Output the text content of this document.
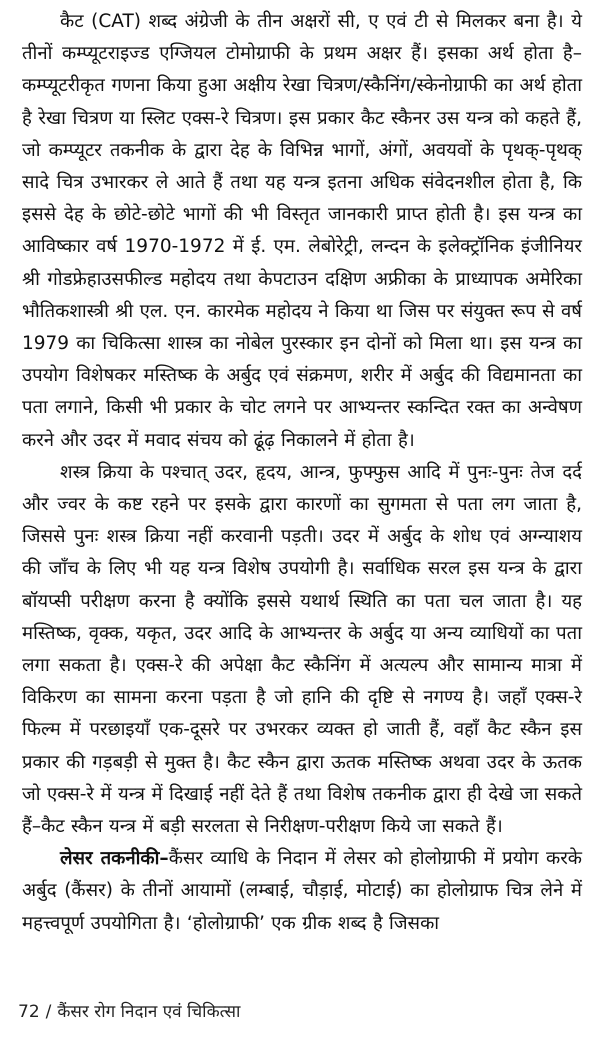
कैट (CAT) शब्द अंग्रेजी के तीन अक्षरों सी, ए एवं टी से मिलकर बना है। ये तीनों कम्प्यूटराइज्ड एग्जियल टोमोग्राफी के प्रथम अक्षर हैं। इसका अर्थ होता है–कम्प्यूटरीकृत गणना किया हुआ अक्षीय रेखा चित्रण/स्कैनिंग/स्केनोग्राफी का अर्थ होता है रेखा चित्रण या स्लिट एक्स-रे चित्रण। इस प्रकार कैट स्कैनर उस यन्त्र को कहते हैं, जो कम्प्यूटर तकनीक के द्वारा देह के विभिन्न भागों, अंगों, अवयवों के पृथक्-पृथक् सादे चित्र उभारकर ले आते हैं तथा यह यन्त्र इतना अधिक संवेदनशील होता है, कि इससे देह के छोटे-छोटे भागों की भी विस्तृत जानकारी प्राप्त होती है। इस यन्त्र का आविष्कार वर्ष 1970-1972 में ई. एम. लेबोरेट्री, लन्दन के इलेक्ट्रॉनिक इंजीनियर श्री गोडफ्रेहाउसफील्ड महोदय तथा केपटाउन दक्षिण अफ्रीका के प्राध्यापक अमेरिका भौतिकशास्त्री श्री एल. एन. कारमेक महोदय ने किया था जिस पर संयुक्त रूप से वर्ष 1979 का चिकित्सा शास्त्र का नोबेल पुरस्कार इन दोनों को मिला था। इस यन्त्र का उपयोग विशेषकर मस्तिष्क के अर्बुद एवं संक्रमण, शरीर में अर्बुद की विद्यमानता का पता लगाने, किसी भी प्रकार के चोट लगने पर आभ्यन्तर स्कन्दित रक्त का अन्वेषण करने और उदर में मवाद संचय को ढूंढ़ निकालने में होता है।

शस्त्र क्रिया के पश्चात् उदर, हृदय, आन्त्र, फुफ्फुस आदि में पुनः-पुनः तेज दर्द और ज्वर के कष्ट रहने पर इसके द्वारा कारणों का सुगमता से पता लग जाता है, जिससे पुनः शस्त्र क्रिया नहीं करवानी पड़ती। उदर में अर्बुद के शोध एवं अग्न्याशय की जाँच के लिए भी यह यन्त्र विशेष उपयोगी है। सर्वाधिक सरल इस यन्त्र के द्वारा बॉयप्सी परीक्षण करना है क्योंकि इससे यथार्थ स्थिति का पता चल जाता है। यह मस्तिष्क, वृक्क, यकृत, उदर आदि के आभ्यन्तर के अर्बुद या अन्य व्याधियों का पता लगा सकता है। एक्स-रे की अपेक्षा कैट स्कैनिंग में अत्यल्प और सामान्य मात्रा में विकिरण का सामना करना पड़ता है जो हानि की दृष्टि से नगण्य है। जहाँ एक्स-रे फिल्म में परछाइयाँ एक-दूसरे पर उभरकर व्यक्त हो जाती हैं, वहाँ कैट स्कैन इस प्रकार की गड़बड़ी से मुक्त है। कैट स्कैन द्वारा ऊतक मस्तिष्क अथवा उदर के ऊतक जो एक्स-रे में यन्त्र में दिखाई नहीं देते हैं तथा विशेष तकनीक द्वारा ही देखे जा सकते हैं–कैट स्कैन यन्त्र में बड़ी सरलता से निरीक्षण-परीक्षण किये जा सकते हैं।

लेसर तकनीकी–कैंसर व्याधि के निदान में लेसर को होलोग्राफी में प्रयोग करके अर्बुद (कैंसर) के तीनों आयामों (लम्बाई, चौड़ाई, मोटाई) का होलोग्राफ चित्र लेने में महत्त्वपूर्ण उपयोगिता है। ‘होलोग्राफी’ एक ग्रीक शब्द है जिसका

72 / कैंसर रोग निदान एवं चिकित्सा
